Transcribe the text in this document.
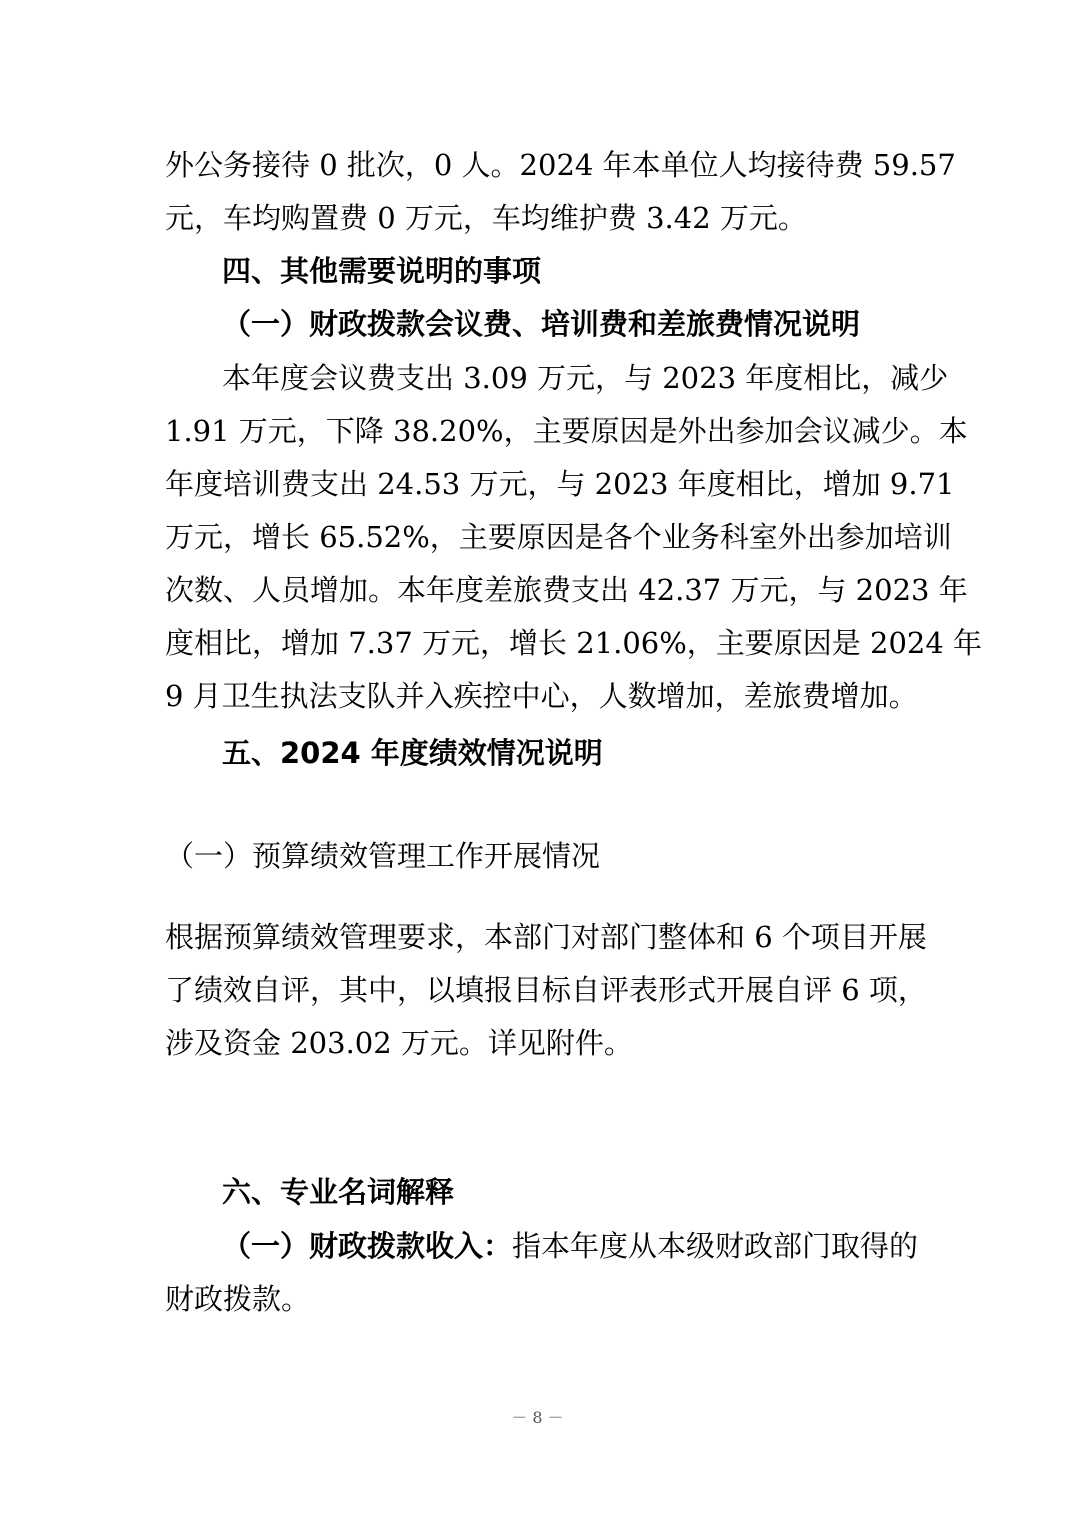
外公务接待 0 批次，0 人。2024 年本单位人均接待费 59.57

元，车均购置费 0 万元，车均维护费 3.42 万元。

四、其他需要说明的事项

（一）财政拨款会议费、培训费和差旅费情况说明

本年度会议费支出 3.09 万元，与 2023 年度相比，减少

1.91 万元，下降 38.20%，主要原因是外出参加会议减少。本

年度培训费支出 24.53 万元，与 2023 年度相比，增加 9.71

万元，增长 65.52%，主要原因是各个业务科室外出参加培训

次数、人员增加。本年度差旅费支出 42.37 万元，与 2023 年

度相比，增加 7.37 万元，增长 21.06%，主要原因是 2024 年

9 月卫生执法支队并入疾控中心，人数增加，差旅费增加。

五、2024 年度绩效情况说明

（一）预算绩效管理工作开展情况

根据预算绩效管理要求，本部门对部门整体和 6 个项目开展

了绩效自评，其中，以填报目标自评表形式开展自评 6 项，

涉及资金 203.02 万元。详见附件。

六、专业名词解释

（一）财政拨款收入：指本年度从本级财政部门取得的

财政拨款。

－ 8 －
